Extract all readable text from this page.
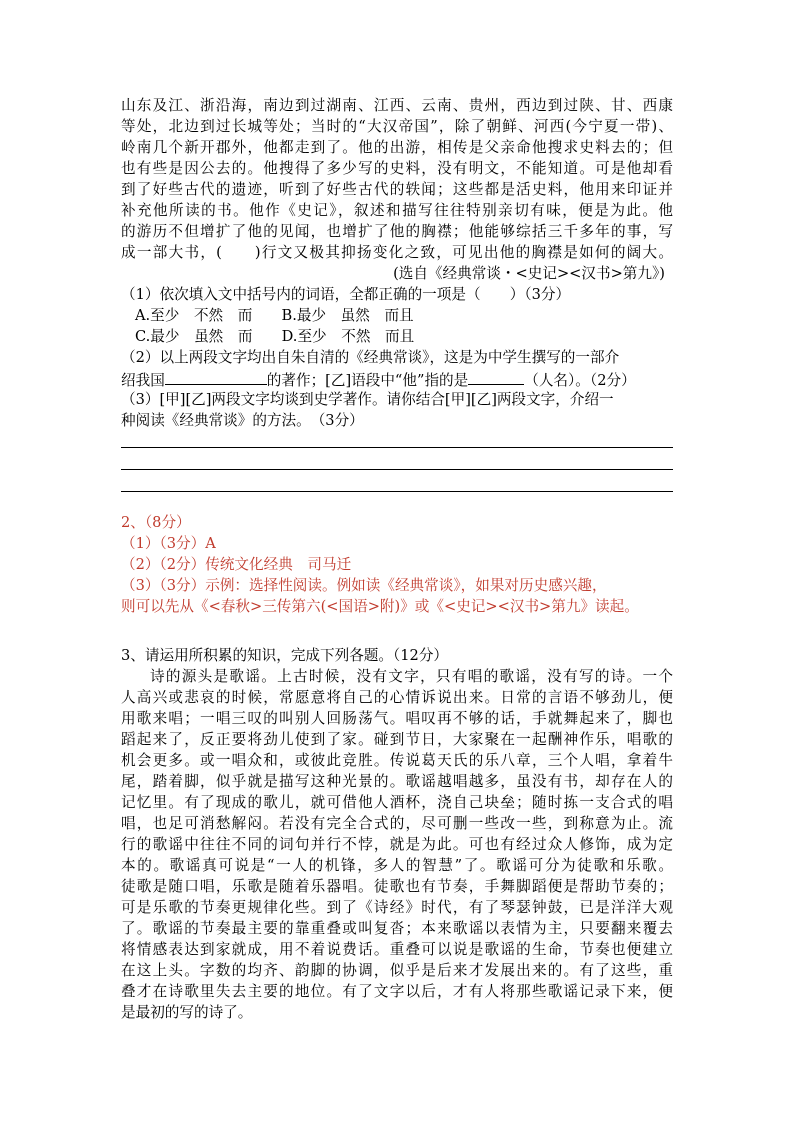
山东及江、浙沿海，南边到过湖南、江西、云南、贵州，西边到过陕、甘、西康
等处，北边到过长城等处；当时的“大汉帝国”，除了朝鲜、河西(今宁夏一带)、
岭南几个新开郡外，他都走到了。他的出游，相传是父亲命他搜求史料去的；但
也有些是因公去的。他搜得了多少写的史料，没有明文，不能知道。可是他却看
到了好些古代的遗迹，听到了好些古代的轶闻；这些都是活史料，他用来印证并
补充他所读的书。他作《史记》，叙述和描写往往特别亲切有味，便是为此。他
的游历不但增扩了他的见闻，也增扩了他的胸襟；他能够综括三千多年的事，写
成一部大书，(　　)行文又极其抑扬变化之致，可见出他的胸襟是如何的阔大。
(选自《经典常谈・<史记><汉书>第九》)
（1）依次填入文中括号内的词语，全都正确的一项是（　　）（3分）
A.至少　不然　而　　B.最少　虽然　而且
C.最少　虽然　而　　D.至少　不然　而且
（2）以上两段文字均出自朱自清的《经典常谈》，这是为中学生撰写的一部介
绍我国	的著作；[乙]语段中“他”指的是	（人名）。（2分）
（3）[甲][乙]两段文字均谈到史学著作。请你结合[甲][乙]两段文字，介绍一
种阅读《经典常谈》的方法。　（3分）
2、（8分）
（1）（3分）A
（2）（2分）传统文化经典　司马迁
（3）（3分）示例：选择性阅读。例如读《经典常谈》，如果对历史感兴趣，
则可以先从《<春秋>三传第六(<国语>附)》或《<史记><汉书>第九》读起。
3、请运用所积累的知识，完成下列各题。（12分）
诗的源头是歌谣。上古时候，没有文字，只有唱的歌谣，没有写的诗。一个
人高兴或悲哀的时候，常愿意将自己的心情诉说出来。日常的言语不够劲儿，便
用歌来唱；一唱三叹的叫别人回肠荡气。唱叹再不够的话，手就舞起来了，脚也
蹈起来了，反正要将劲儿使到了家。碰到节日，大家聚在一起酬神作乐，唱歌的
机会更多。或一唱众和，或彼此竞胜。传说葛天氏的乐八章，三个人唱，拿着牛
尾，踏着脚，似乎就是描写这种光景的。歌谣越唱越多，虽没有书，却存在人的
记忆里。有了现成的歌儿，就可借他人酒杯，浇自己块垒；随时拣一支合式的唱
唱，也足可消愁解闷。若没有完全合式的，尽可删一些改一些，到称意为止。流
行的歌谣中往往不同的词句并行不悖，就是为此。可也有经过众人修饰，成为定
本的。歌谣真可说是“一人的机锋，多人的智慧”了。歌谣可分为徒歌和乐歌。
徒歌是随口唱，乐歌是随着乐器唱。徒歌也有节奏，手舞脚蹈便是帮助节奏的；
可是乐歌的节奏更规律化些。到了《诗经》时代，有了琴瑟钟鼓，已是洋洋大观
了。歌谣的节奏最主要的靠重叠或叫复沓；本来歌谣以表情为主，只要翻来覆去
将情感表达到家就成，用不着说费话。重叠可以说是歌谣的生命，节奏也便建立
在这上头。字数的均齐、韵脚的协调，似乎是后来才发展出来的。有了这些，重
叠才在诗歌里失去主要的地位。有了文字以后，才有人将那些歌谣记录下来，便
是最初的写的诗了。
